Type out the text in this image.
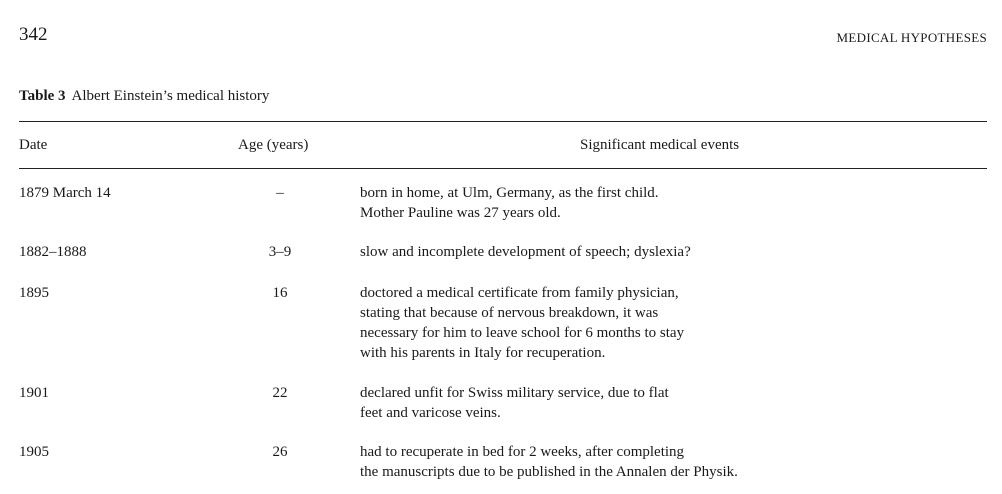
342	MEDICAL HYPOTHESES
Table 3 Albert Einstein’s medical history
Date	Age (years)	Significant medical events
1879 March 14	–	born in home, at Ulm, Germany, as the first child.
Mother Pauline was 27 years old.
1882–1888	3–9	slow and incomplete development of speech; dyslexia?
1895	16	doctored a medical certificate from family physician,
stating that because of nervous breakdown, it was
necessary for him to leave school for 6 months to stay
with his parents in Italy for recuperation.
1901	22	declared unfit for Swiss military service, due to flat
feet and varicose veins.
1905	26	had to recuperate in bed for 2 weeks, after completing
the manuscripts due to be published in the Annalen der Physik.
